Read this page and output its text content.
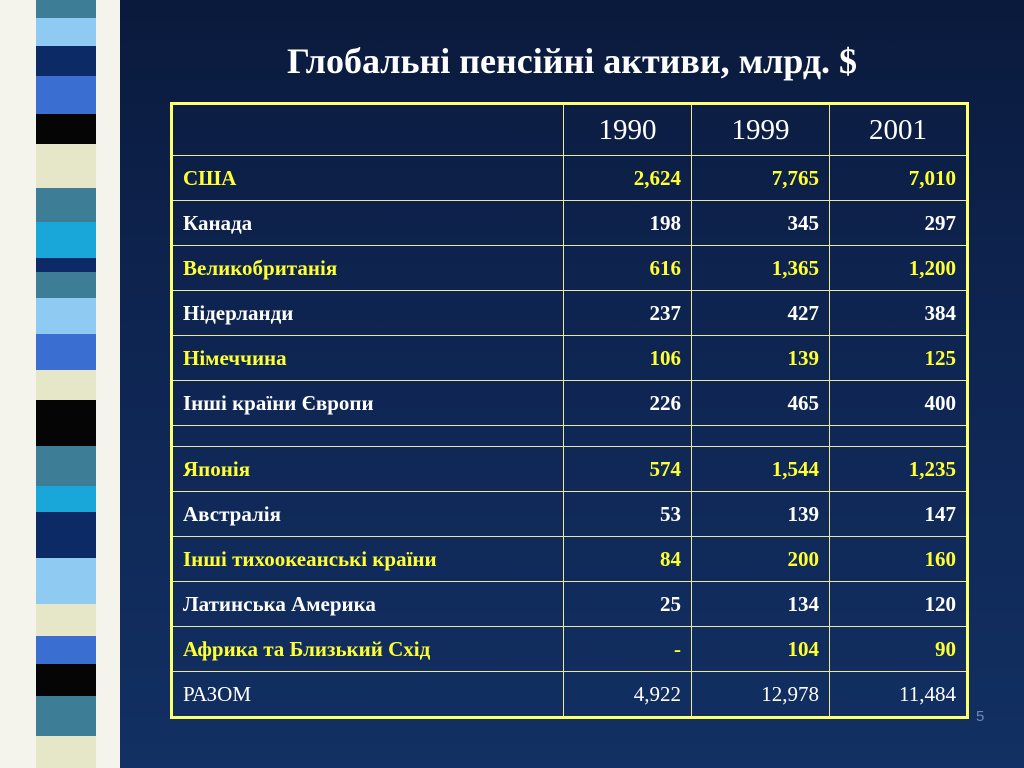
Глобальні пенсійні активи, млрд. $
	1990	1999	2001
США	2,624	7,765	7,010
Канада	198	345	297
Великобританія	616	1,365	1,200
Нідерланди	237	427	384
Німеччина	106	139	125
Інші країни Європи	226	465	400

Японія	574	1,544	1,235
Австралія	53	139	147
Інші тихоокеанські країни	84	200	160
Латинська Америка	25	134	120
Африка та Близький Схід	-	104	90
РАЗОМ	4,922	12,978	11,484
5
